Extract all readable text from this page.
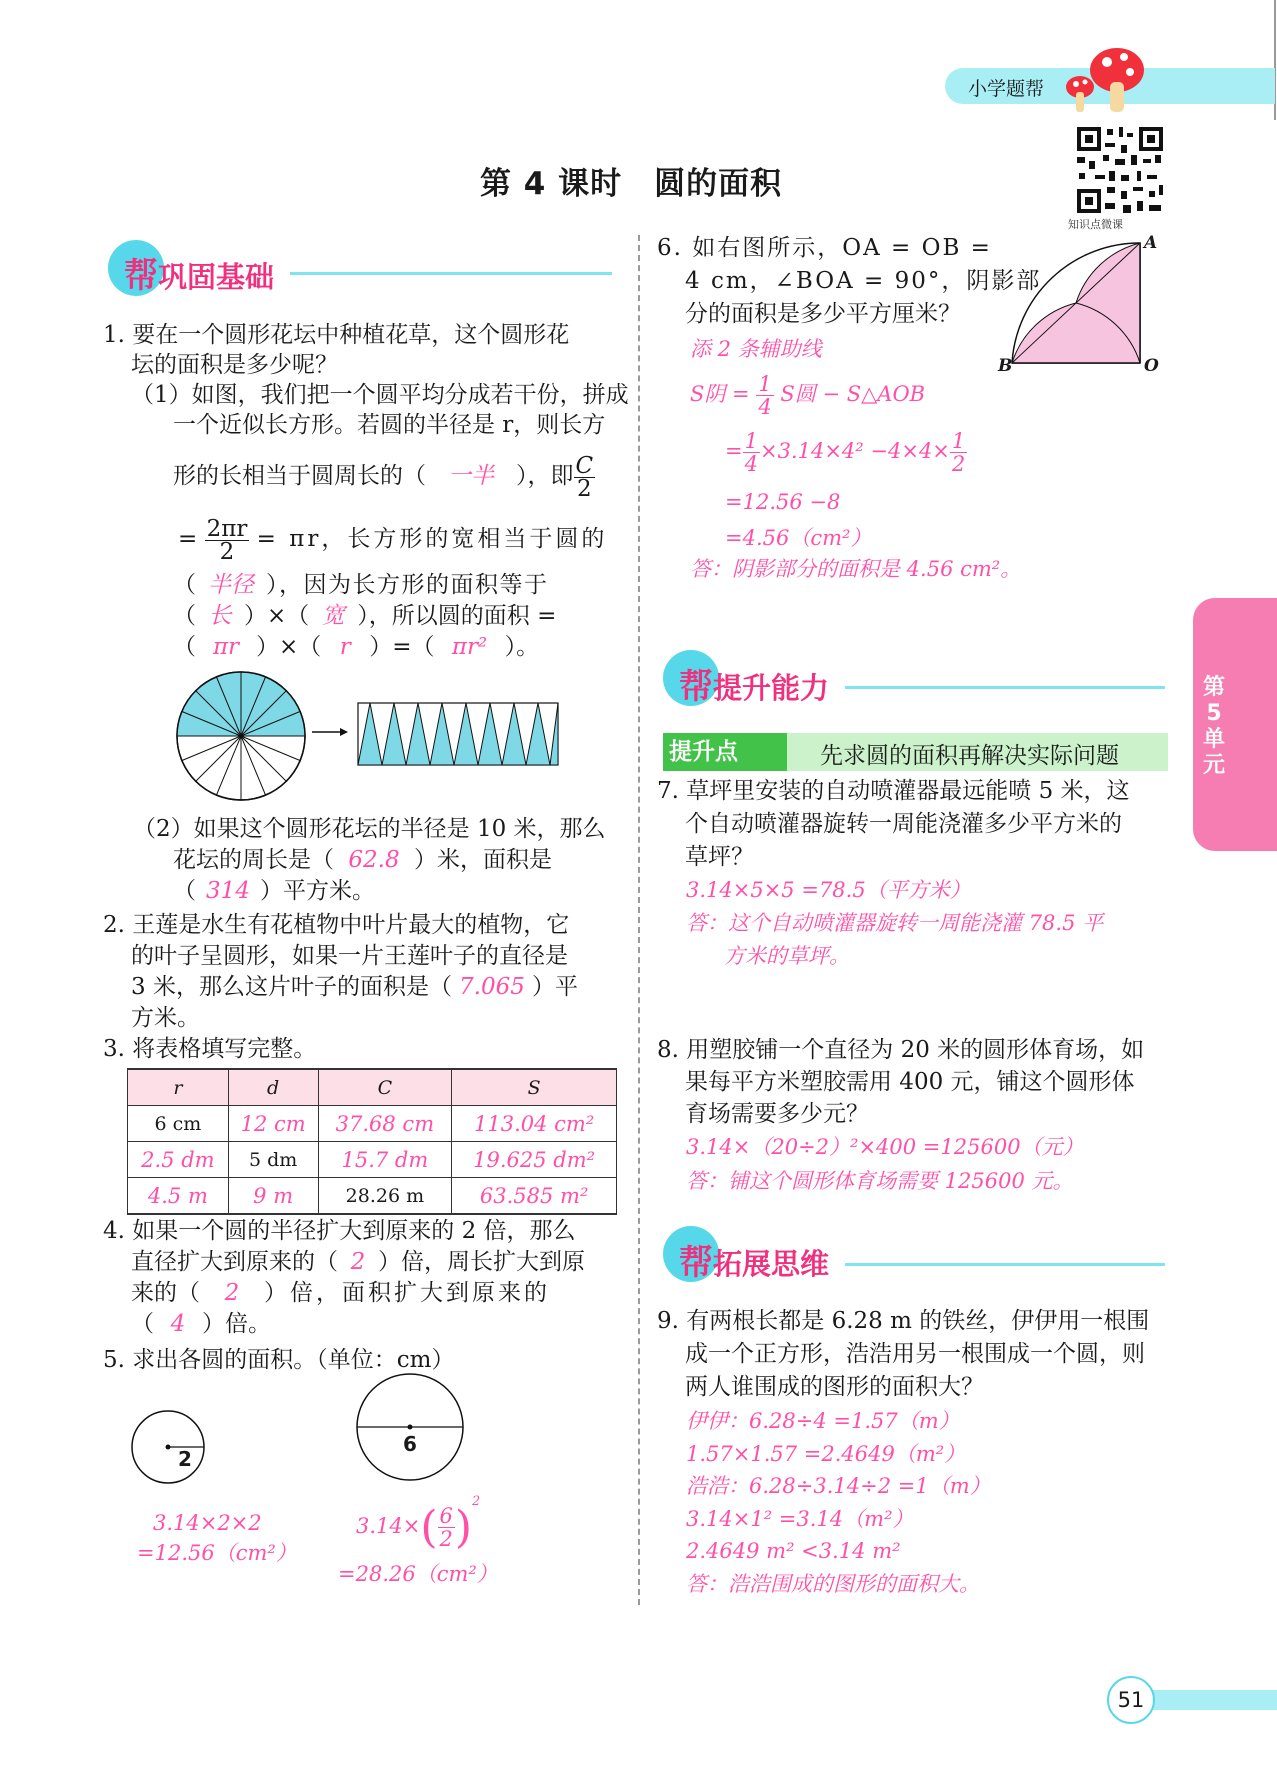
小学题帮
知识点微课
第 4 课时　圆的面积
帮巩固基础
1. 要在一个圆形花坛中种植花草，这个圆形花
坛的面积是多少呢？
（1）如图，我们把一个圆平均分成若干份，拼成
一个近似长方形。若圆的半径是 r，则长方
形的长相当于圆周长的（ 一半 ），即 $\frac{C}{2}$
= $\frac{2\pi r}{2} = \pi r$，长方形的宽相当于圆的
（ 半径 ），因为长方形的面积等于
（ 长 ）×（ 宽 ），所以圆的面积 =
（ πr ）×（ r ）=（ πr² ）。
（2）如果这个圆形花坛的半径是 10 米，那么
花坛的周长是（ 62.8 ）米，面积是
（ 314 ）平方米。
2. 王莲是水生有花植物中叶片最大的植物，它
的叶子呈圆形，如果一片王莲叶子的直径是
3 米，那么这片叶子的面积是（ 7.065 ）平
方米。
3. 将表格填写完整。
r	d	C	S
6 cm	12 cm	37.68 cm	113.04 cm²
2.5 dm	5 dm	15.7 dm	19.625 dm²
4.5 m	9 m	28.26 m	63.585 m²
4. 如果一个圆的半径扩大到原来的 2 倍，那么
直径扩大到原来的（ 2 ）倍，周长扩大到原
来的（ 2 ）倍，面积扩大到原来的
（ 4 ）倍。
5. 求出各圆的面积。（单位：cm）
2
6
3.14×2×2
=12.56（cm²）
$3.14\times( \frac{6}{2} )^2$
=28.26（cm²）
6. 如右图所示，OA = OB =
4 cm，∠BOA = 90°，阴影部
分的面积是多少平方厘米？
A
B	O
添 2 条辅助线
S阴 = $\frac{1}{4}$ S圆 − S△AOB
= $\frac{1}{4} \times 3.14\times 4^2 -4\times 4\times \frac{1}{2}$
=12.56 −8
=4.56（cm²）
答：阴影部分的面积是 4.56 cm²。
帮提升能力
提升点	先求圆的面积再解决实际问题
7. 草坪里安装的自动喷灌器最远能喷 5 米，这
个自动喷灌器旋转一周能浇灌多少平方米的
草坪？
3.14×5×5 =78.5（平方米）
答：这个自动喷灌器旋转一周能浇灌 78.5 平
方米的草坪。
8. 用塑胶铺一个直径为 20 米的圆形体育场，如
果每平方米塑胶需用 400 元，铺这个圆形体
育场需要多少元？
3.14×（20÷2）²×400 =125600（元）
答：铺这个圆形体育场需要 125600 元。
帮拓展思维
9. 有两根长都是 6.28 m 的铁丝，伊伊用一根围
成一个正方形，浩浩用另一根围成一个圆，则
两人谁围成的图形的面积大？
伊伊：6.28÷4 =1.57（m）
1.57×1.57 =2.4649（m²）
浩浩：6.28÷3.14÷2 =1（m）
3.14×1² =3.14（m²）
2.4649 m² <3.14 m²
答：浩浩围成的图形的面积大。
第5单元
51
